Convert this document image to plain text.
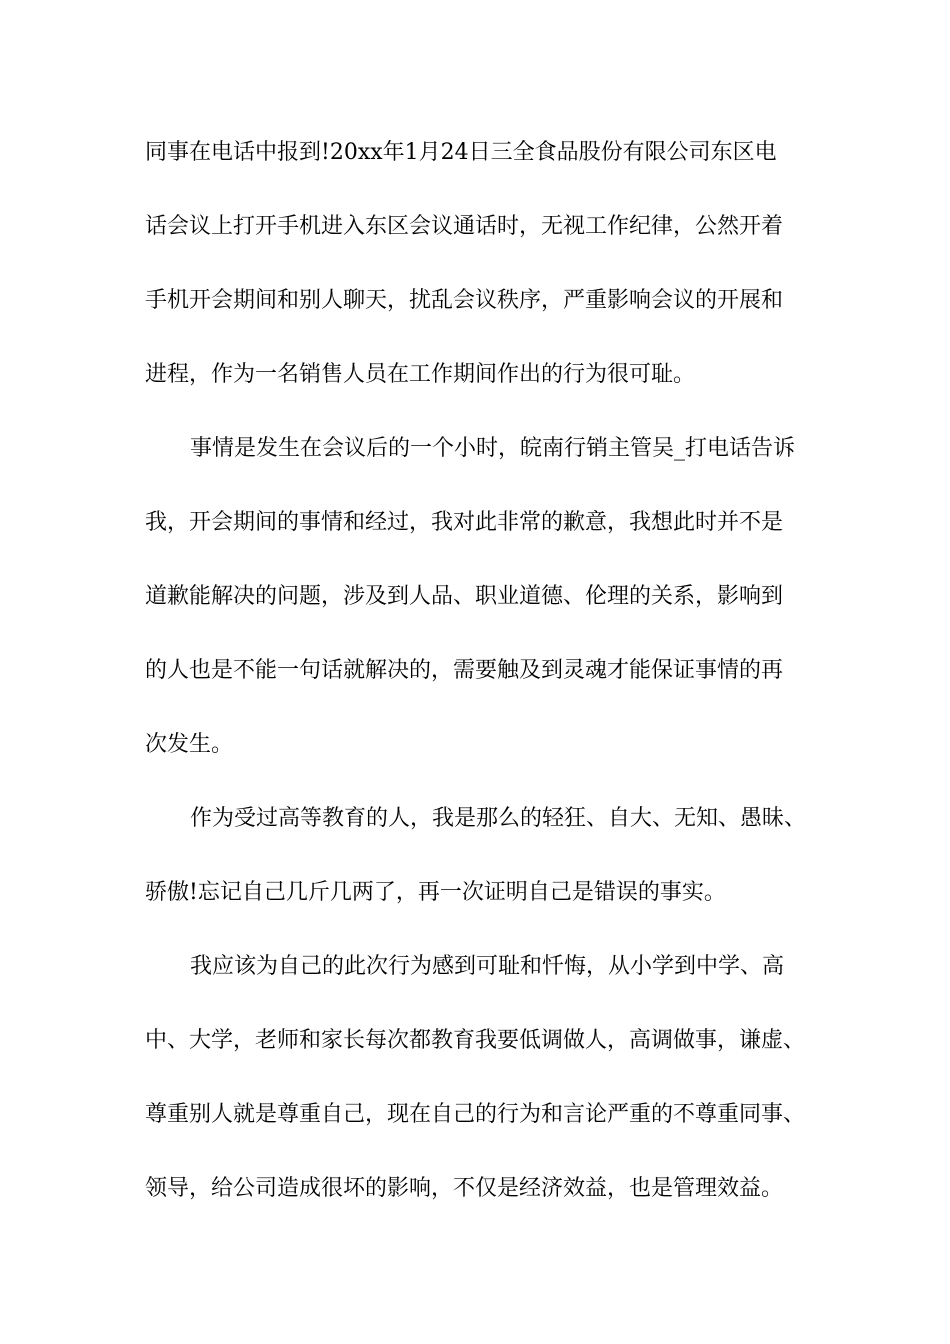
同事在电话中报到!20xx年1月24日三全食品股份有限公司东区电
话会议上打开手机进入东区会议通话时，无视工作纪律，公然开着
手机开会期间和别人聊天，扰乱会议秩序，严重影响会议的开展和
进程，作为一名销售人员在工作期间作出的行为很可耻。
事情是发生在会议后的一个小时，皖南行销主管吴_打电话告诉
我，开会期间的事情和经过，我对此非常的歉意，我想此时并不是
道歉能解决的问题，涉及到人品、职业道德、伦理的关系，影响到
的人也是不能一句话就解决的，需要触及到灵魂才能保证事情的再
次发生。
作为受过高等教育的人，我是那么的轻狂、自大、无知、愚昧、
骄傲!忘记自己几斤几两了，再一次证明自己是错误的事实。
我应该为自己的此次行为感到可耻和忏悔，从小学到中学、高
中、大学，老师和家长每次都教育我要低调做人，高调做事，谦虚、
尊重别人就是尊重自己，现在自己的行为和言论严重的不尊重同事、
领导，给公司造成很坏的影响，不仅是经济效益，也是管理效益。
